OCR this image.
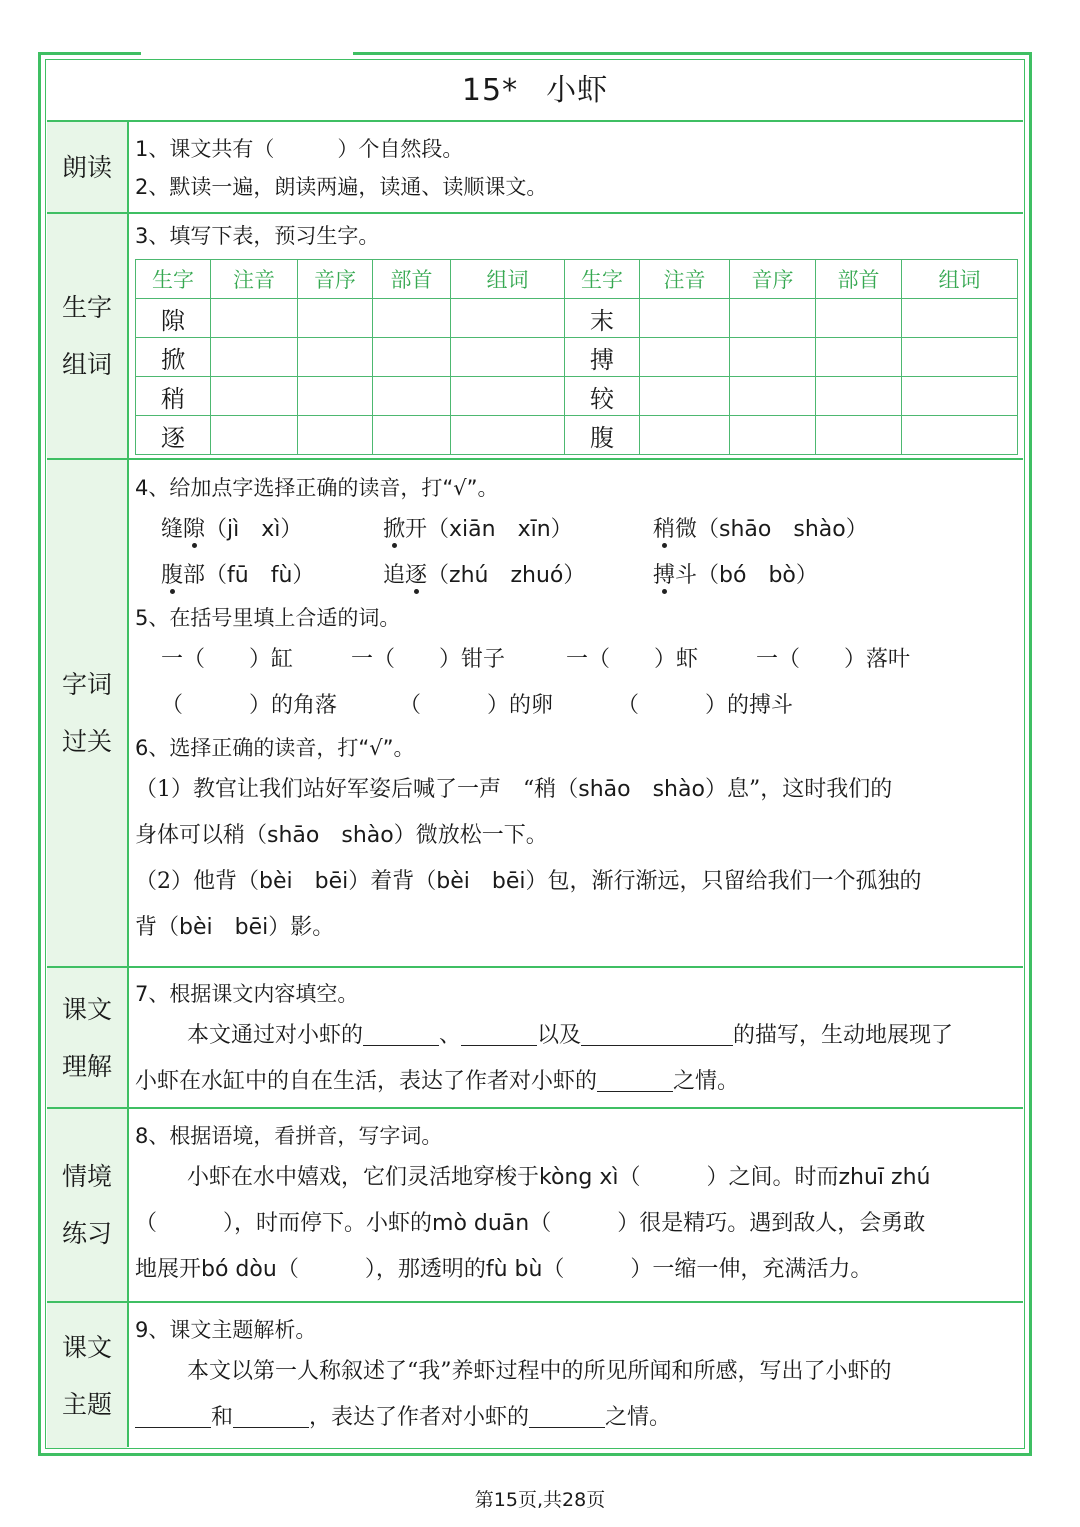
15* 小虾
朗读
1、课文共有（　　　）个自然段。
2、默读一遍，朗读两遍，读通、读顺课文。
生字
组词
3、填写下表，预习生字。
生字	注音	音序	部首	组词	生字	注音	音序	部首	组词
隙					末				
掀					搏				
稍					较				
逐					腹				
字词
过关
4、给加点字选择正确的读音，打“√”。
缝隙（jì　xì）	掀开（xiān　xīn）	稍微（shāo　shào）
腹部（fū　fù）	追逐（zhú　zhuó）	搏斗（bó　bò）
5、在括号里填上合适的词。
一（　　）缸	一（　　）钳子	一（　　）虾	一（　　）落叶
（　　　）的角落	（　　　）的卵	（　　　）的搏斗
6、选择正确的读音，打“√”。
（1）教官让我们站好军姿后喊了一声　“稍（shāo　shào）息”，这时我们的
身体可以稍（shāo　shào）微放松一下。
（2）他背（bèi　bēi）着背（bèi　bēi）包，渐行渐远，只留给我们一个孤独的
背（bèi　bēi）影。
课文
理解
7、根据课文内容填空。
本文通过对小虾的	、	以及	的描写，生动地展现了
小虾在水缸中的自在生活，表达了作者对小虾的	之情。
情境
练习
8、根据语境，看拼音，写字词。
小虾在水中嬉戏，它们灵活地穿梭于kòng xì（　　　）之间。时而zhuī zhú
（　　　），时而停下。小虾的mò duān（　　　）很是精巧。遇到敌人，会勇敢
地展开bó dòu（　　　），那透明的fù bù（　　　）一缩一伸，充满活力。
课文
主题
9、课文主题解析。
本文以第一人称叙述了“我”养虾过程中的所见所闻和所感，写出了小虾的
和	，表达了作者对小虾的	之情。
第15页,共28页
